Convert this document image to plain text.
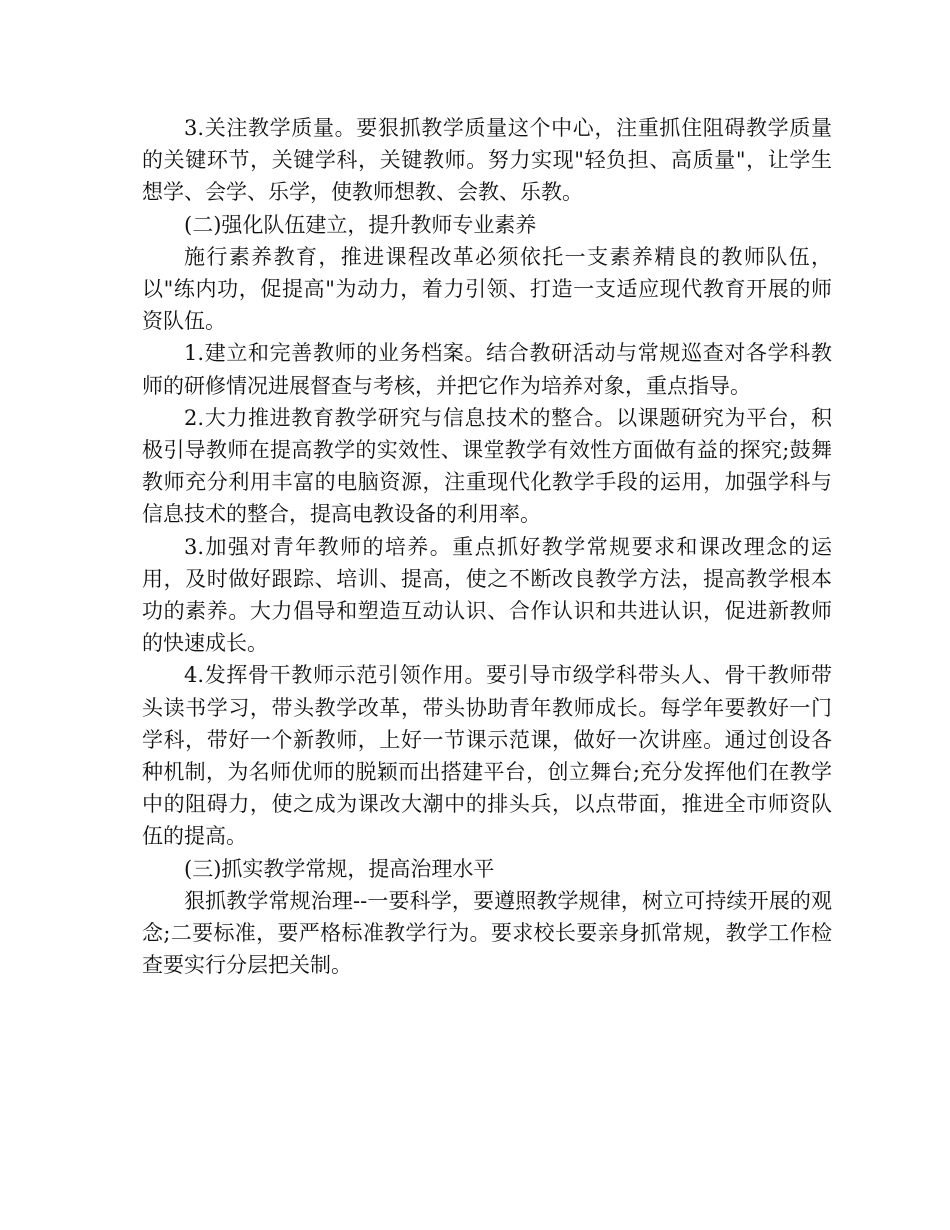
3.关注教学质量。要狠抓教学质量这个中心，注重抓住阻碍教学质量的关键环节，关键学科，关键教师。努力实现"轻负担、高质量"，让学生想学、会学、乐学，使教师想教、会教、乐教。

(二)强化队伍建立，提升教师专业素养

施行素养教育，推进课程改革必须依托一支素养精良的教师队伍，以"练内功，促提高"为动力，着力引领、打造一支适应现代教育开展的师资队伍。

1.建立和完善教师的业务档案。结合教研活动与常规巡查对各学科教师的研修情况进展督查与考核，并把它作为培养对象，重点指导。

2.大力推进教育教学研究与信息技术的整合。以课题研究为平台，积极引导教师在提高教学的实效性、课堂教学有效性方面做有益的探究;鼓舞教师充分利用丰富的电脑资源，注重现代化教学手段的运用，加强学科与信息技术的整合，提高电教设备的利用率。

3.加强对青年教师的培养。重点抓好教学常规要求和课改理念的运用，及时做好跟踪、培训、提高，使之不断改良教学方法，提高教学根本功的素养。大力倡导和塑造互动认识、合作认识和共进认识，促进新教师的快速成长。

4.发挥骨干教师示范引领作用。要引导市级学科带头人、骨干教师带头读书学习，带头教学改革，带头协助青年教师成长。每学年要教好一门学科，带好一个新教师，上好一节课示范课，做好一次讲座。通过创设各种机制，为名师优师的脱颖而出搭建平台，创立舞台;充分发挥他们在教学中的阻碍力，使之成为课改大潮中的排头兵，以点带面，推进全市师资队伍的提高。

(三)抓实教学常规，提高治理水平

狠抓教学常规治理--一要科学，要遵照教学规律，树立可持续开展的观念;二要标准，要严格标准教学行为。要求校长要亲身抓常规，教学工作检查要实行分层把关制。
